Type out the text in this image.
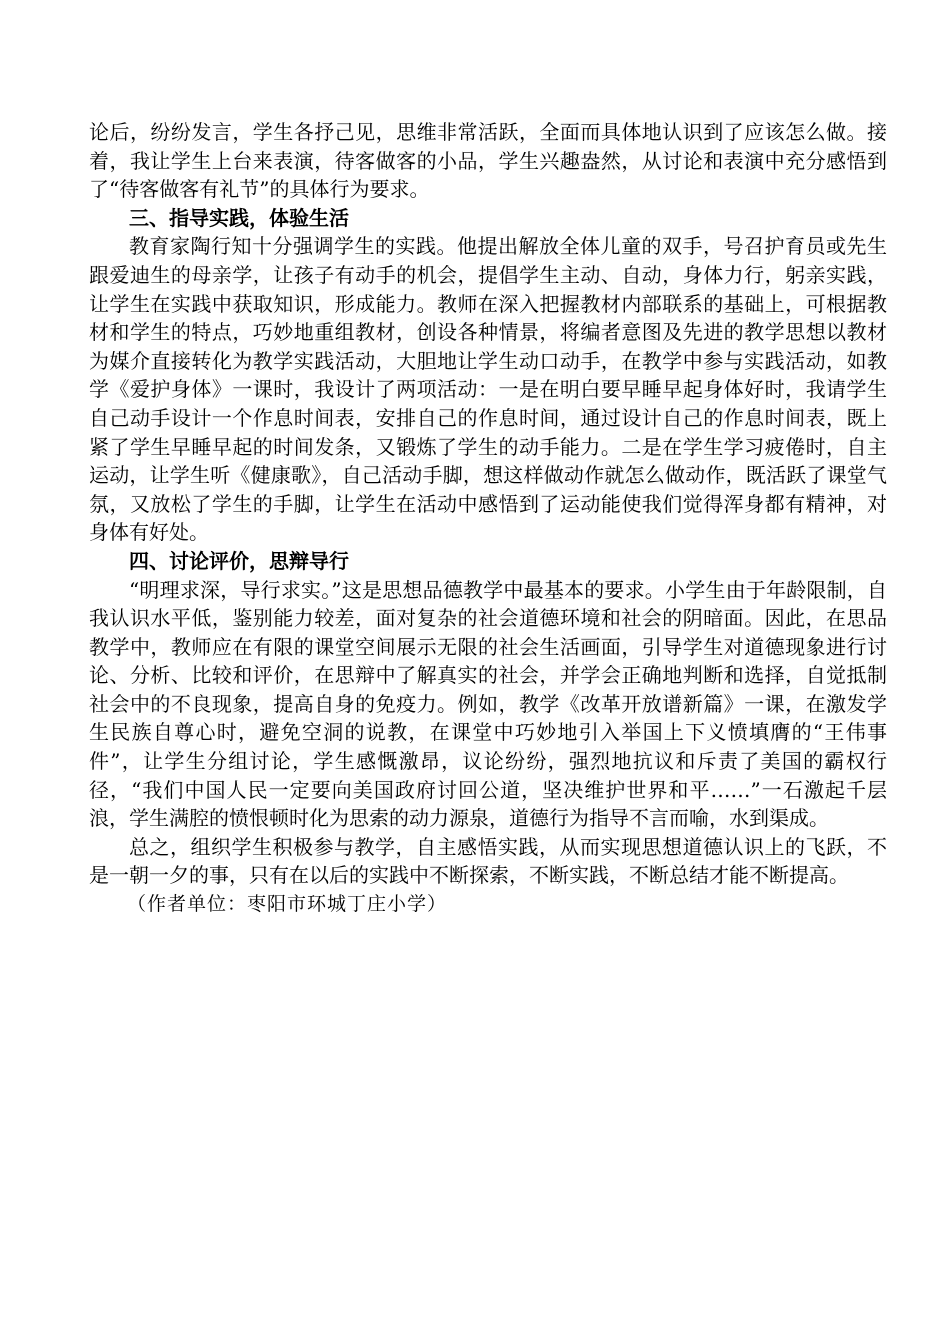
论后，纷纷发言，学生各抒己见，思维非常活跃，全面而具体地认识到了应该怎么做。接着，我让学生上台来表演，待客做客的小品，学生兴趣盎然，从讨论和表演中充分感悟到了“待客做客有礼节”的具体行为要求。

三、指导实践，体验生活

教育家陶行知十分强调学生的实践。他提出解放全体儿童的双手，号召护育员或先生跟爱迪生的母亲学，让孩子有动手的机会，提倡学生主动、自动，身体力行，躬亲实践，让学生在实践中获取知识，形成能力。教师在深入把握教材内部联系的基础上，可根据教材和学生的特点，巧妙地重组教材，创设各种情景，将编者意图及先进的教学思想以教材为媒介直接转化为教学实践活动，大胆地让学生动口动手，在教学中参与实践活动，如教学《爱护身体》一课时，我设计了两项活动：一是在明白要早睡早起身体好时，我请学生自己动手设计一个作息时间表，安排自己的作息时间，通过设计自己的作息时间表，既上紧了学生早睡早起的时间发条，又锻炼了学生的动手能力。二是在学生学习疲倦时，自主运动，让学生听《健康歌》，自己活动手脚，想这样做动作就怎么做动作，既活跃了课堂气氛，又放松了学生的手脚，让学生在活动中感悟到了运动能使我们觉得浑身都有精神，对身体有好处。

四、讨论评价，思辩导行

“明理求深，导行求实。”这是思想品德教学中最基本的要求。小学生由于年龄限制，自我认识水平低，鉴别能力较差，面对复杂的社会道德环境和社会的阴暗面。因此，在思品教学中，教师应在有限的课堂空间展示无限的社会生活画面，引导学生对道德现象进行讨论、分析、比较和评价，在思辩中了解真实的社会，并学会正确地判断和选择，自觉抵制社会中的不良现象，提高自身的免疫力。例如，教学《改革开放谱新篇》一课，在激发学生民族自尊心时，避免空洞的说教，在课堂中巧妙地引入举国上下义愤填膺的“王伟事件”，让学生分组讨论，学生感慨激昂，议论纷纷，强烈地抗议和斥责了美国的霸权行径，“我们中国人民一定要向美国政府讨回公道，坚决维护世界和平……”一石激起千层浪，学生满腔的愤恨顿时化为思索的动力源泉，道德行为指导不言而喻，水到渠成。

总之，组织学生积极参与教学，自主感悟实践，从而实现思想道德认识上的飞跃，不是一朝一夕的事，只有在以后的实践中不断探索，不断实践，不断总结才能不断提高。

（作者单位：枣阳市环城丁庄小学）
